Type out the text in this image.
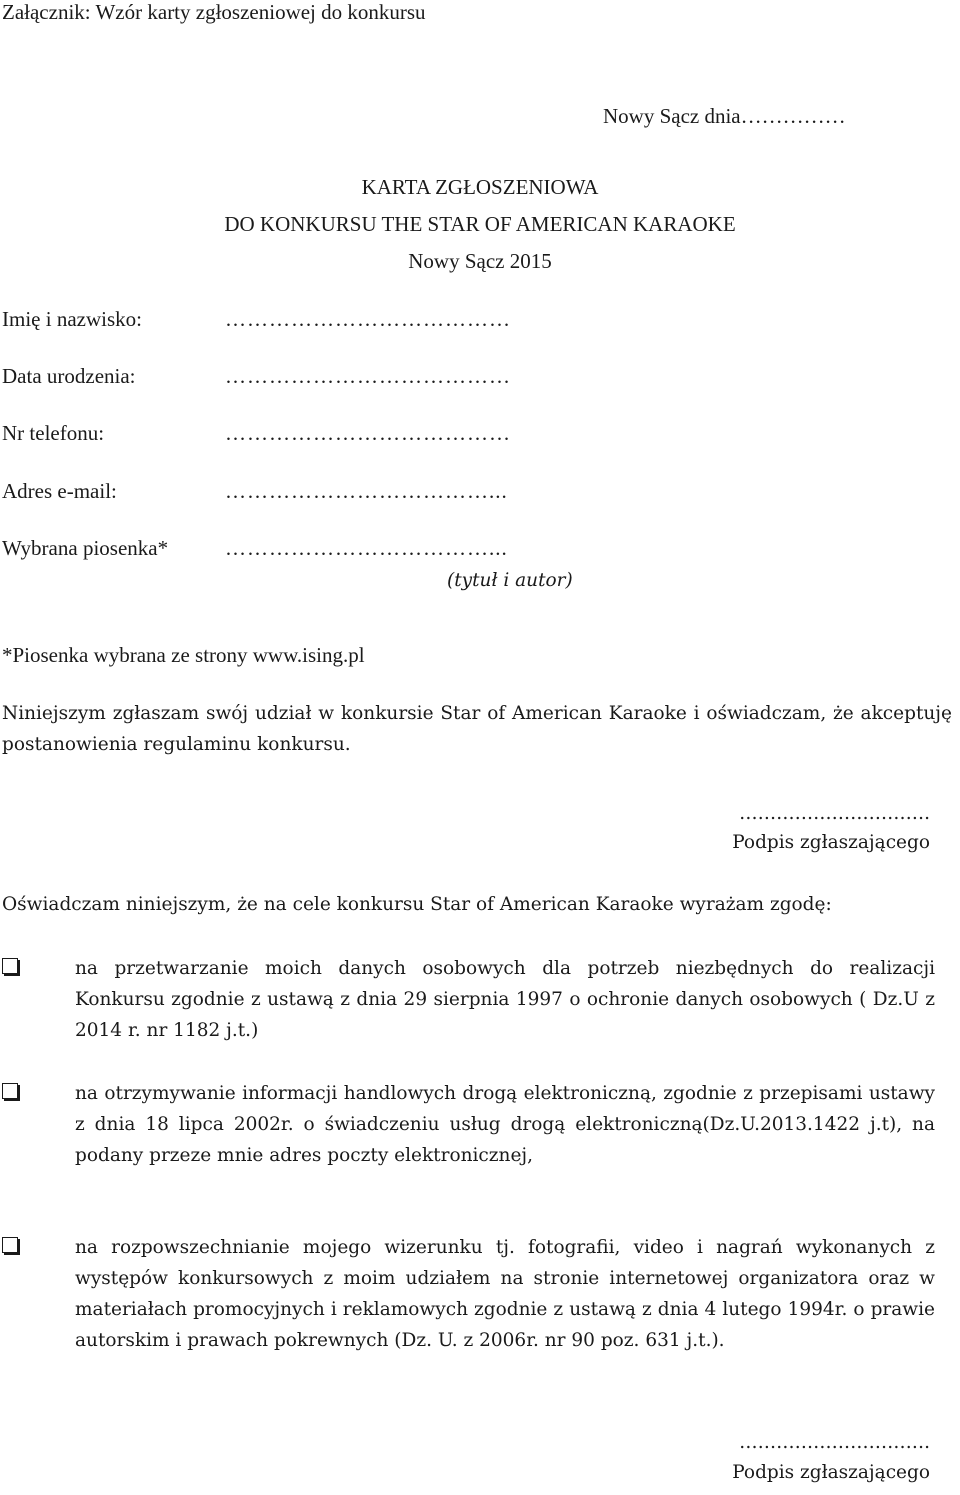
Załącznik: Wzór karty zgłoszeniowej do konkursu
Nowy Sącz dnia……………
KARTA ZGŁOSZENIOWA
DO KONKURSU THE STAR OF AMERICAN KARAOKE
Nowy Sącz 2015
Imię i nazwisko:	…………………………………
Data urodzenia:	…………………………………
Nr telefonu:	…………………………………
Adres e-mail:	………………………………...
Wybrana piosenka*	………………………………...
(tytuł i autor)
*Piosenka wybrana ze strony www.ising.pl
Niniejszym zgłaszam swój udział w konkursie Star of American Karaoke i oświadczam, że akceptuję postanowienia regulaminu konkursu.
………………………….
Podpis zgłaszającego
Oświadczam niniejszym, że na cele konkursu Star of American Karaoke wyrażam zgodę:
na przetwarzanie moich danych osobowych dla potrzeb niezbędnych do realizacji Konkursu zgodnie z ustawą z dnia 29 sierpnia 1997 o ochronie danych osobowych ( Dz.U z 2014 r. nr 1182 j.t.)
na otrzymywanie informacji handlowych drogą elektroniczną, zgodnie z przepisami ustawy z dnia 18 lipca 2002r. o świadczeniu usług drogą elektroniczną(Dz.U.2013.1422 j.t), na podany przeze mnie adres poczty elektronicznej,
na rozpowszechnianie mojego wizerunku tj. fotografii, video i nagrań wykonanych z występów konkursowych z moim udziałem na stronie internetowej organizatora oraz w materiałach promocyjnych i reklamowych zgodnie z ustawą z dnia 4 lutego 1994r. o prawie autorskim i prawach pokrewnych (Dz. U. z 2006r. nr 90 poz. 631 j.t.).
………………………….
Podpis zgłaszającego
